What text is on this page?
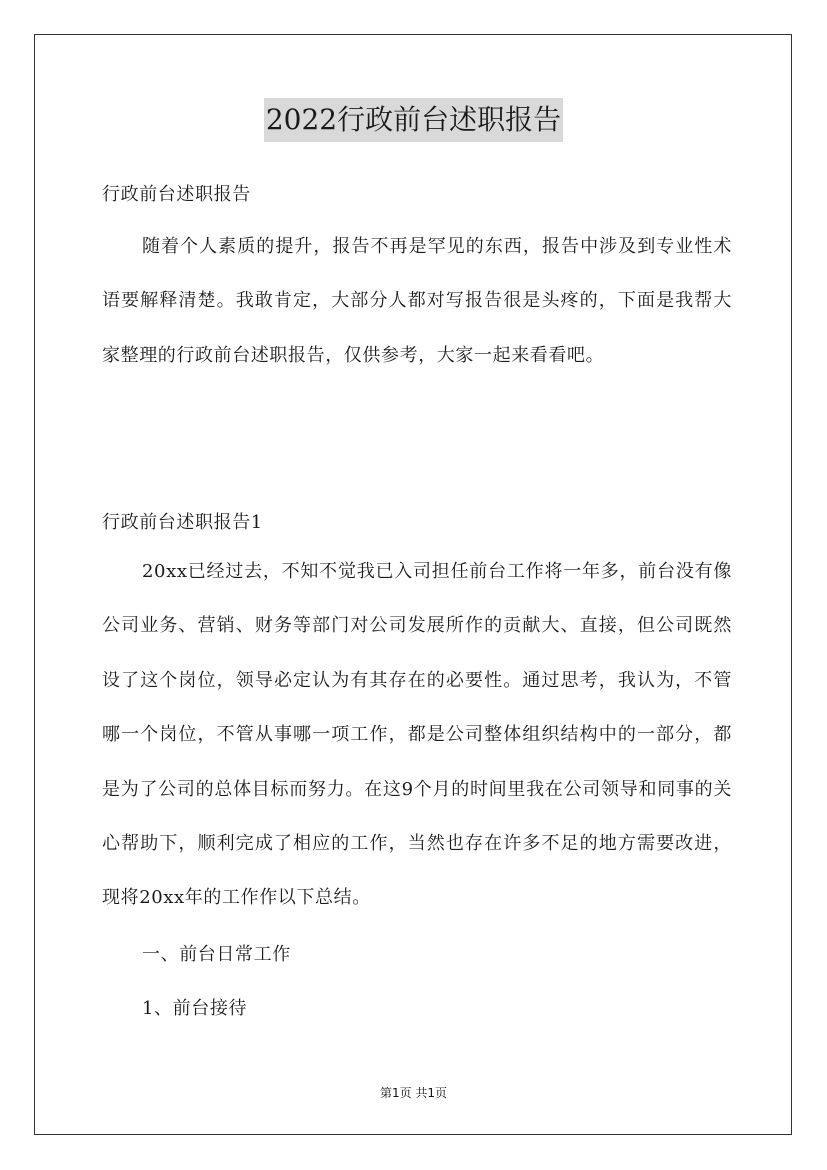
2022行政前台述职报告

行政前台述职报告

随着个人素质的提升，报告不再是罕见的东西，报告中涉及到专业性术语要解释清楚。我敢肯定，大部分人都对写报告很是头疼的，下面是我帮大家整理的行政前台述职报告，仅供参考，大家一起来看看吧。

行政前台述职报告1

20xx已经过去，不知不觉我已入司担任前台工作将一年多，前台没有像公司业务、营销、财务等部门对公司发展所作的贡献大、直接，但公司既然设了这个岗位，领导必定认为有其存在的必要性。通过思考，我认为，不管哪一个岗位，不管从事哪一项工作，都是公司整体组织结构中的一部分，都是为了公司的总体目标而努力。在这9个月的时间里我在公司领导和同事的关心帮助下，顺利完成了相应的工作，当然也存在许多不足的地方需要改进，现将20xx年的工作作以下总结。

一、前台日常工作

1、前台接待

第1页 共1页
